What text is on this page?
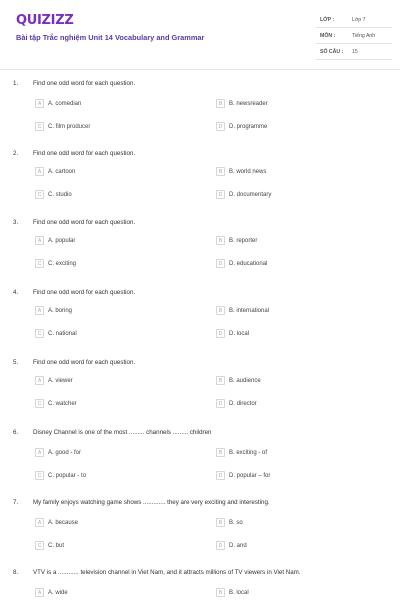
QUIZIZZ
Bài tập Trắc nghiệm Unit 14 Vocabulary and Grammar
LỚP :	Lớp 7
MÔN :	Tiếng Anh
SỐ CÂU :	15
1. Find one odd word for each question.
A	A. comedian	B	B. newsreader
C	C. film producer	D	D. programme
2. Find one odd word for each question.
A	A. cartoon	B	B. world news
C	C. studio	D	D. documentary
3. Find one odd word for each question.
A	A. popular	B	B. reporter
C	C. exciting	D	D. educational
4. Find one odd word for each question.
A	A. boring	B	B. international
C	C. national	D	D. local
5. Find one odd word for each question.
A	A. viewer	B	B. audience
C	C. watcher	D	D. director
6. Disney Channel is one of the most ......... channels ......... children
A	A. good - for	B	B. exciting - of
C	C. popular - to	D	D. popular – for
7. My family enjoys watching game shows ............. they are very exciting and interesting.
A	A. because	B	B. so
C	C. but	D	D. and
8. VTV is a ............ television channel in Viet Nam, and it attracts millions of TV viewers in Viet Nam.
A	A. wide	B	B. local
